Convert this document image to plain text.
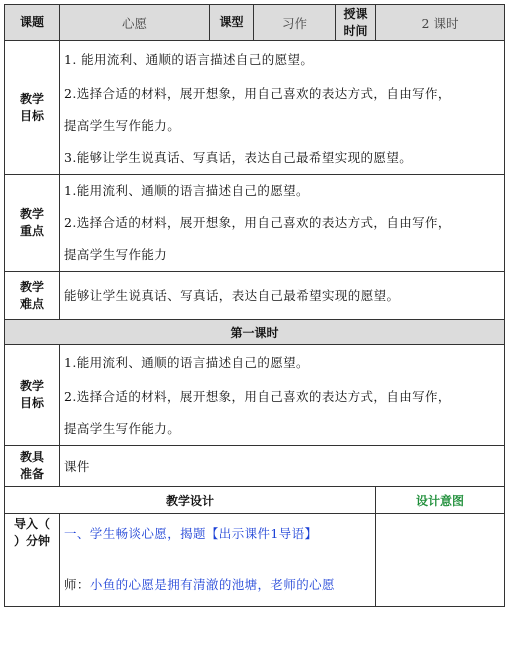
课题	心愿	课型	习作	授课时间	2 课时
教学目标	1. 能用流利、通顺的语言描述自己的愿望。
2.选择合适的材料，展开想象，用自己喜欢的表达方式，自由写作，
提高学生写作能力。
3.能够让学生说真话、写真话，表达自己最希望实现的愿望。				

教学重点	1.能用流利、通顺的语言描述自己的愿望。
2.选择合适的材料，展开想象，用自己喜欢的表达方式，自由写作，
提高学生写作能力				

教学难点	能够让学生说真话、写真话，表达自己最希望实现的愿望。				
第一课时					
教学目标	1.能用流利、通顺的语言描述自己的愿望。
2.选择合适的材料，展开想象，用自己喜欢的表达方式，自由写作，
提高学生写作能力。				

教具准备	课件				
教学设计					设计意图
导入（ ）分钟	一、学生畅谈心愿，揭题【出示课件1导语】
师：小鱼的心愿是拥有清澈的池塘，老师的心愿				
